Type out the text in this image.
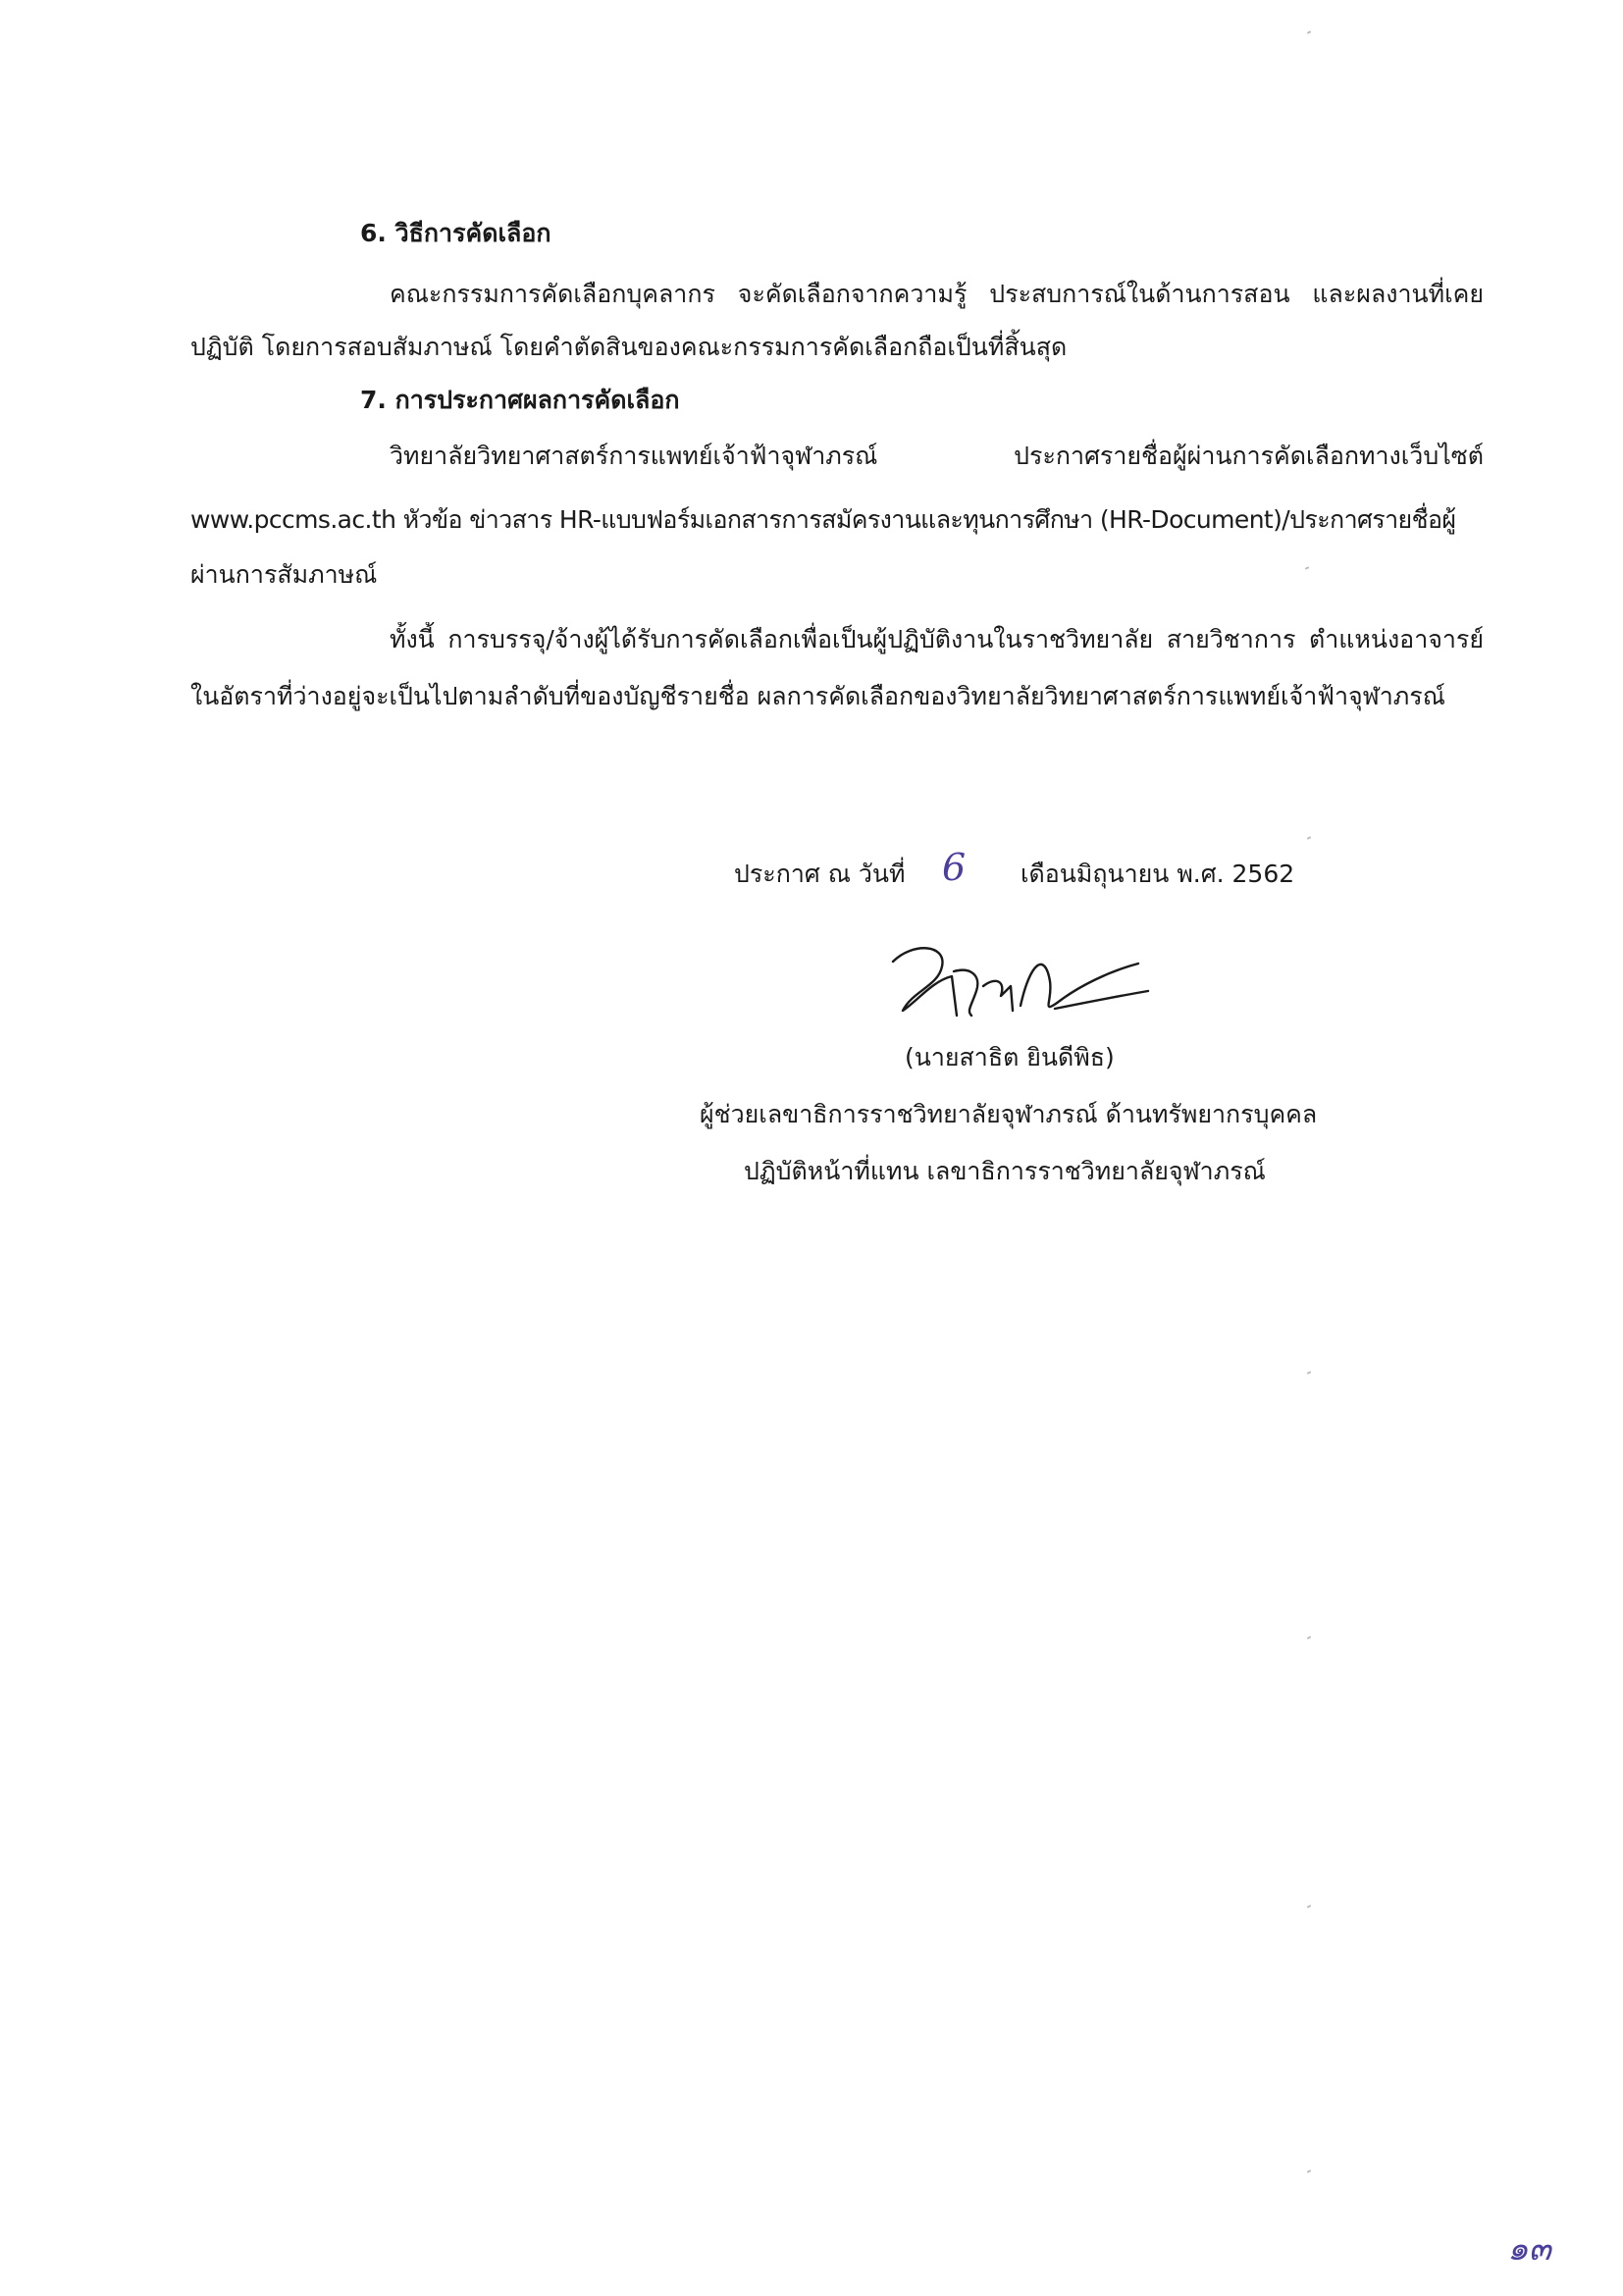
6. วิธีการคัดเลือก
คณะกรรมการคัดเลือกบุคลากร จะคัดเลือกจากความรู้ ประสบการณ์ในด้านการสอน และผลงานที่เคย
ปฏิบัติ โดยการสอบสัมภาษณ์ โดยคำตัดสินของคณะกรรมการคัดเลือกถือเป็นที่สิ้นสุด
7. การประกาศผลการคัดเลือก
วิทยาลัยวิทยาศาสตร์การแพทย์เจ้าฟ้าจุฬาภรณ์ ประกาศรายชื่อผู้ผ่านการคัดเลือกทางเว็บไซต์
www.pccms.ac.th หัวข้อ ข่าวสาร HR-แบบฟอร์มเอกสารการสมัครงานและทุนการศึกษา (HR-Document)/ประกาศรายชื่อผู้
ผ่านการสัมภาษณ์
ทั้งนี้ การบรรจุ/จ้างผู้ได้รับการคัดเลือกเพื่อเป็นผู้ปฏิบัติงานในราชวิทยาลัย สายวิชาการ ตำแหน่งอาจารย์
ในอัตราที่ว่างอยู่จะเป็นไปตามลำดับที่ของบัญชีรายชื่อ ผลการคัดเลือกของวิทยาลัยวิทยาศาสตร์การแพทย์เจ้าฟ้าจุฬาภรณ์
ประกาศ ณ วันที่ 6 เดือนมิถุนายน พ.ศ. 2562
(นายสาธิต ยินดีพิธ)
ผู้ช่วยเลขาธิการราชวิทยาลัยจุฬาภรณ์ ด้านทรัพยากรบุคคล
ปฏิบัติหน้าที่แทน เลขาธิการราชวิทยาลัยจุฬาภรณ์
๑๓
